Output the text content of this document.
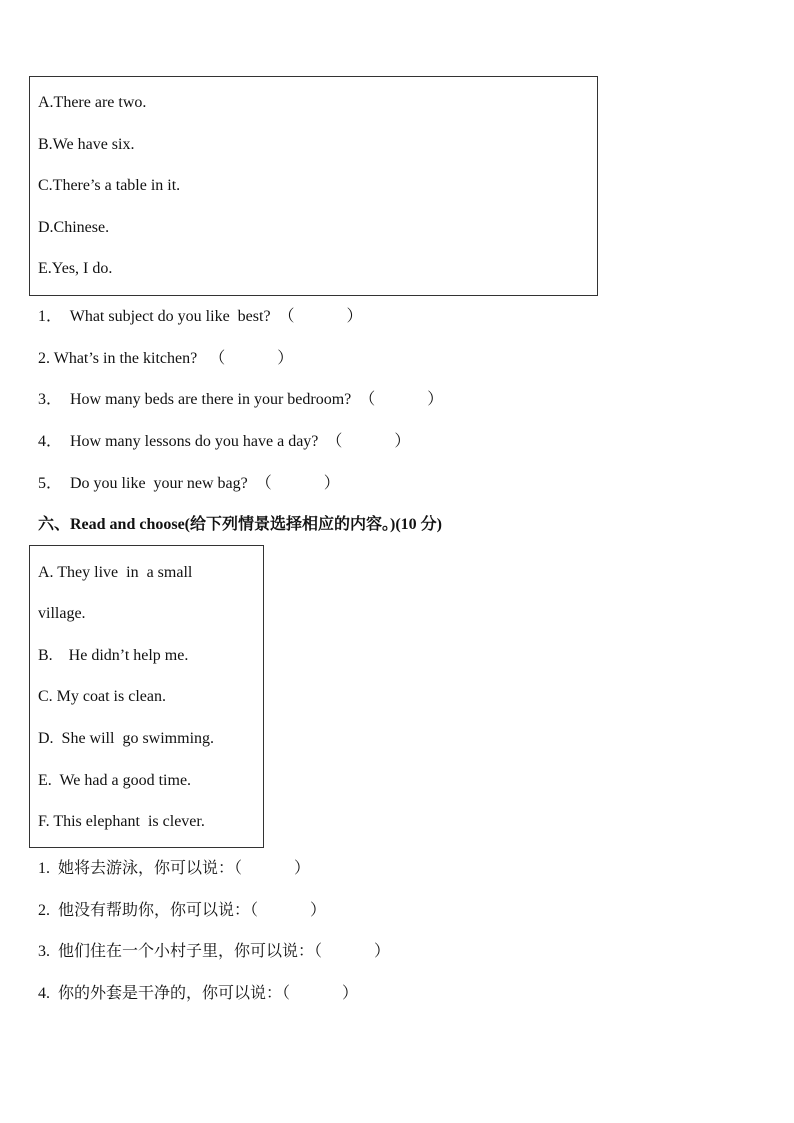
A.There are two.
B.We have six.
C.There’s a table in it.
D.Chinese.
E.Yes, I do.
1．  What subject do you like  best?  （             ）
2. What’s in the kitchen?   （             ）
3．  How many beds are there in your bedroom?  （             ）
4．  How many lessons do you have a day?  （             ）
5．  Do you like  your new bag?  （             ）
六、Read and choose(给下列情景选择相应的内容。)(10 分)
A. They live  in  a small
village.
B.    He didn’t help me.
C. My coat is clean.
D.  She will  go swimming.
E.  We had a good time.
F. This elephant  is clever.
1.  她将去游泳，你可以说：（             ）
2.  他没有帮助你，你可以说：（             ）
3.  他们住在一个小村子里，你可以说：（             ）
4.  你的外套是干净的，你可以说：（             ）
